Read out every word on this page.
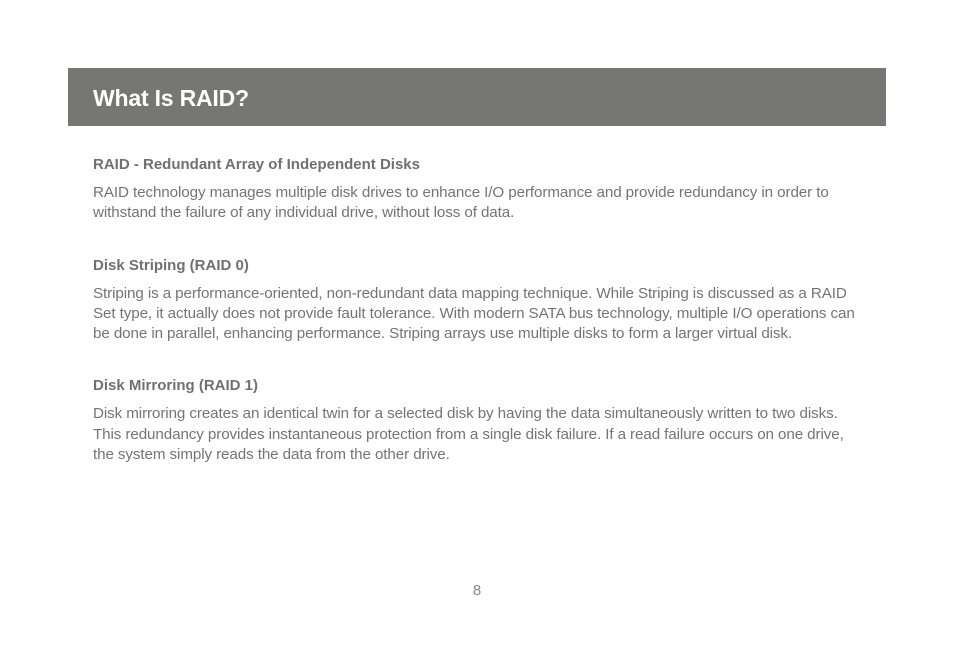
What Is RAID?
RAID - Redundant Array of Independent Disks

RAID technology manages multiple disk drives to enhance I/O performance and provide redundancy in order to withstand the failure of any individual drive, without loss of data.

Disk Striping (RAID 0)

Striping is a performance-oriented, non-redundant data mapping technique. While Striping is discussed as a RAID Set type, it actually does not provide fault tolerance. With modern SATA bus technology, multiple I/O operations can be done in parallel, enhancing performance. Striping arrays use multiple disks to form a larger virtual disk.

Disk Mirroring (RAID 1)

Disk mirroring creates an identical twin for a selected disk by having the data simultaneously written to two disks. This redundancy provides instantaneous protection from a single disk failure. If a read failure occurs on one drive, the system simply reads the data from the other drive.

8
